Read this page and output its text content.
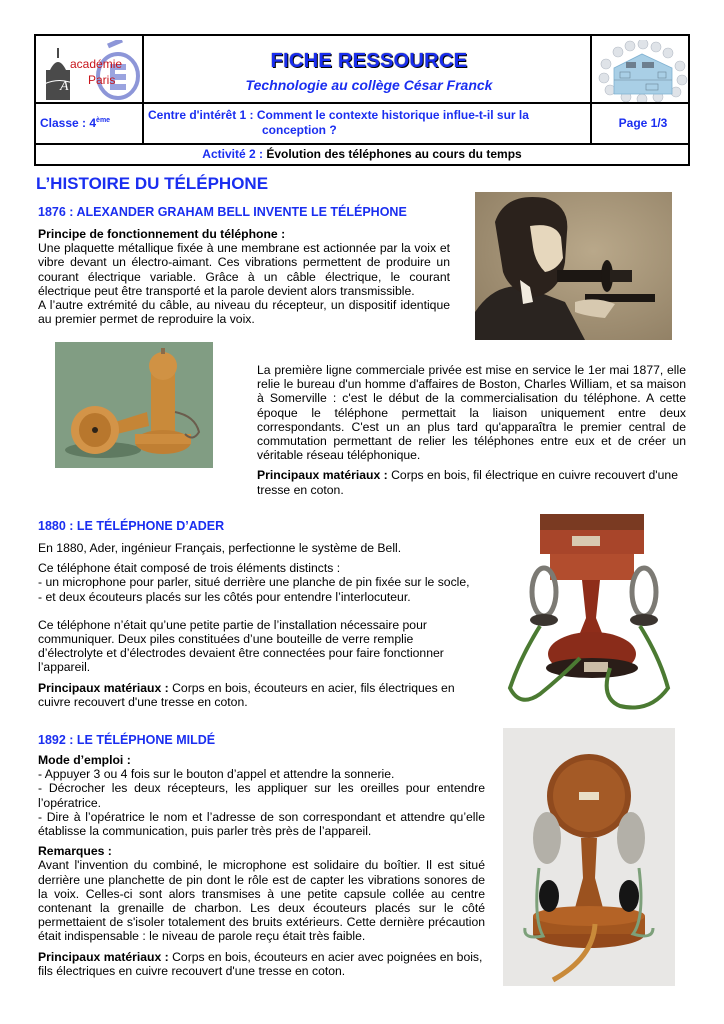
A
académie
Paris
FICHE RESSOURCE
Technologie au collège César Franck
Classe : 4ème	Centre d'intérêt 1 : Comment le contexte historique influe-t-il sur la
conception ?	Page 1/3
Activité 2 : Évolution des téléphones au cours du temps
L’HISTOIRE DU TÉLÉPHONE
1876 : ALEXANDER GRAHAM BELL INVENTE LE TÉLÉPHONE
Principe de fonctionnement du téléphone :
Une plaquette métallique fixée à une membrane est actionnée par la voix et vibre devant un électro-aimant. Ces vibrations permettent de produire un courant électrique variable. Grâce à un câble électrique, le courant électrique peut être transporté et la parole devient alors transmissible.
A l’autre extrémité du câble, au niveau du récepteur, un dispositif identique au premier permet de reproduire la voix.

La première ligne commerciale privée est mise en service le 1er mai 1877, elle relie le bureau d'un homme d'affaires de Boston, Charles William, et sa maison à Somerville : c'est le début de la commercialisation du téléphone. A cette époque le téléphone permettait la liaison uniquement entre deux correspondants. C'est un an plus tard qu'apparaîtra le premier central de commutation permettant de relier les téléphones entre eux et de créer un véritable réseau téléphonique.

Principaux matériaux : Corps en bois, fil électrique en cuivre recouvert d'une tresse en coton.

1880 : LE TÉLÉPHONE D’ADER

En 1880, Ader, ingénieur Français, perfectionne le système de Bell.

Ce téléphone était composé de trois éléments distincts :
- un microphone pour parler, situé derrière une planche de pin fixée sur le socle,
- et deux écouteurs placés sur les côtés pour entendre l’interlocuteur.

Ce téléphone n’était qu’une petite partie de l’installation nécessaire pour communiquer. Deux piles constituées d’une bouteille de verre remplie d’électrolyte et d’électrodes devaient être connectées pour faire fonctionner l’appareil.

Principaux matériaux : Corps en bois, écouteurs en acier, fils électriques en cuivre recouvert d'une tresse en coton.

1892 : LE TÉLÉPHONE MILDÉ
Mode d’emploi :

- Appuyer 3 ou 4 fois sur le bouton d’appel et attendre la sonnerie.
- Décrocher les deux récepteurs, les appliquer sur les oreilles pour entendre l’opératrice.
- Dire à l’opératrice le nom et l’adresse de son correspondant et attendre qu’elle établisse la communication, puis parler très près de l’appareil.
Remarques :

Avant l'invention du combiné, le microphone est solidaire du boîtier. Il est situé derrière une planchette de pin dont le rôle est de capter les vibrations sonores de la voix. Celles-ci sont alors transmises à une petite capsule collée au centre contenant la grenaille de charbon. Les deux écouteurs placés sur le côté permettaient de s'isoler totalement des bruits extérieurs. Cette dernière précaution était indispensable : le niveau de parole reçu était très faible.

Principaux matériaux : Corps en bois, écouteurs en acier avec poignées en bois, fils électriques en cuivre recouvert d'une tresse en coton.
